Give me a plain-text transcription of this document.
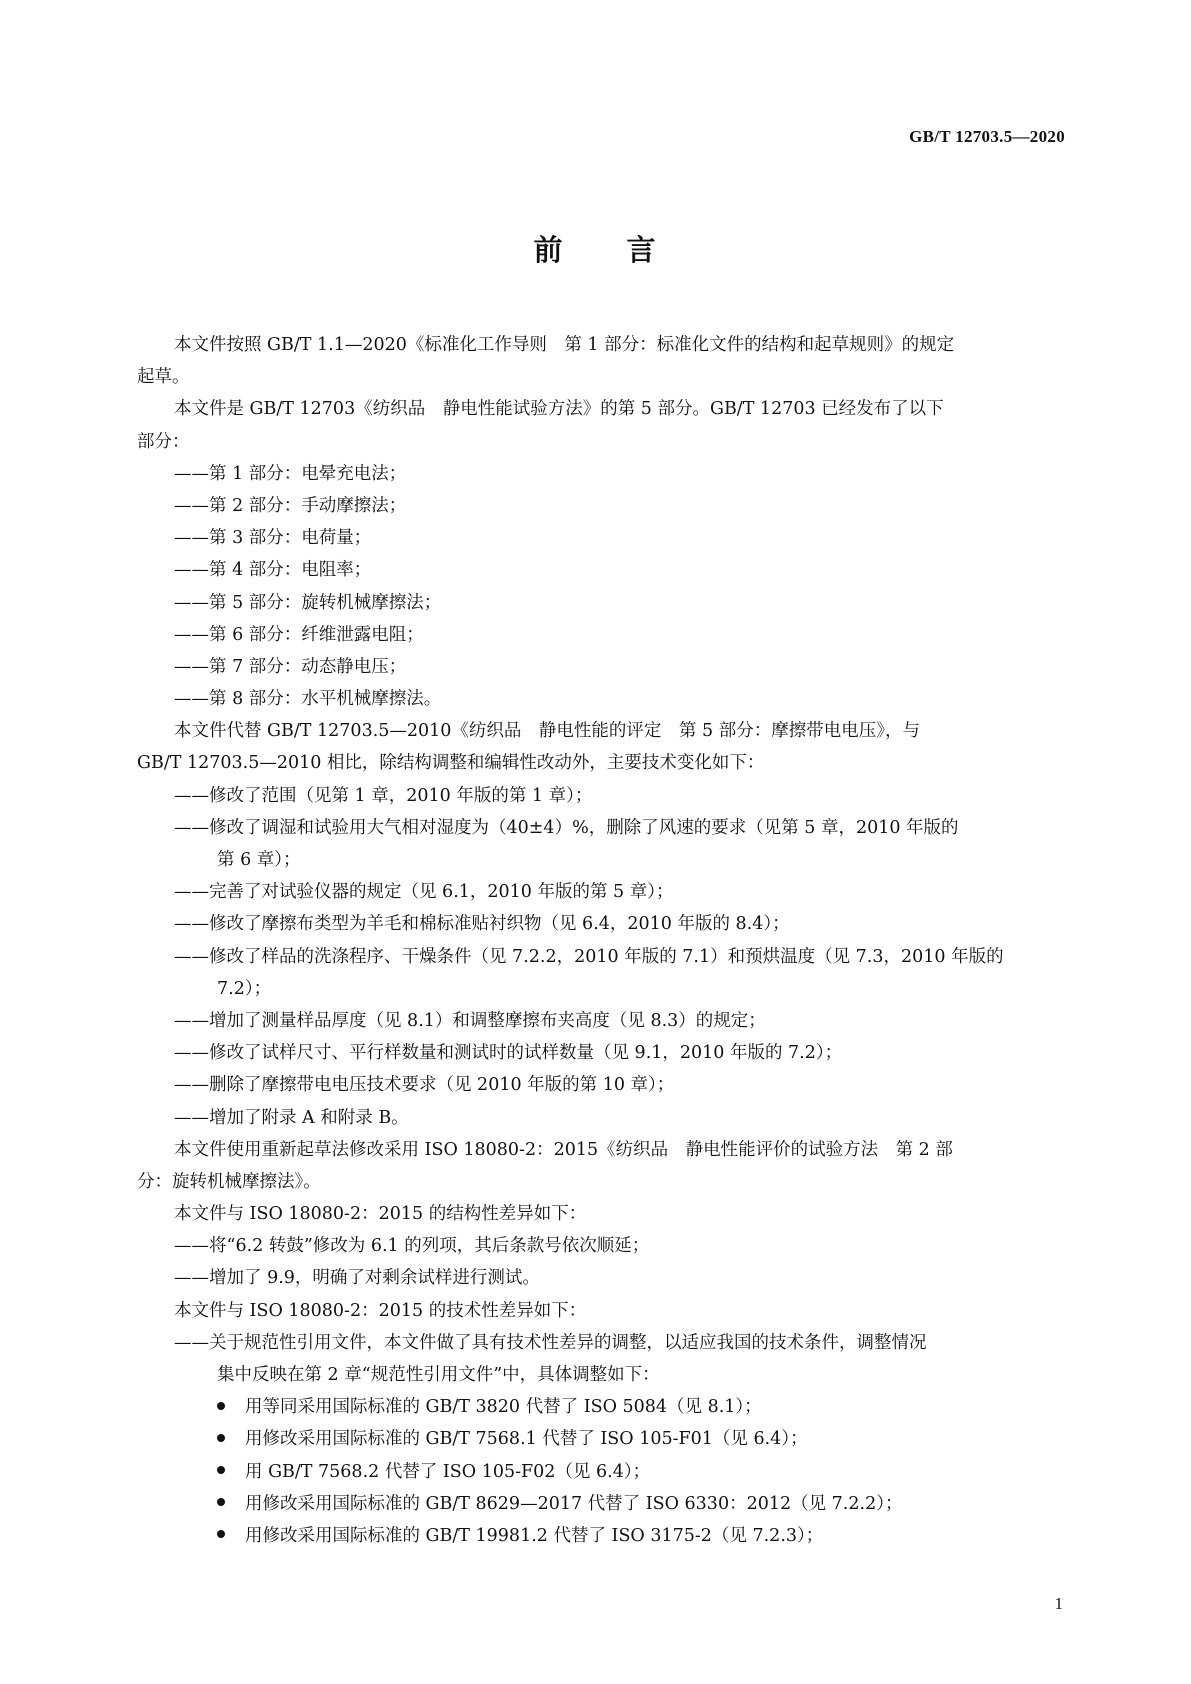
GB/T 12703.5—2020
前 言
本文件按照 GB/T 1.1—2020《标准化工作导则　第 1 部分：标准化文件的结构和起草规则》的规定
起草。
本文件是 GB/T 12703《纺织品　静电性能试验方法》的第 5 部分。GB/T 12703 已经发布了以下
部分：
——第 1 部分：电晕充电法；
——第 2 部分：手动摩擦法；
——第 3 部分：电荷量；
——第 4 部分：电阻率；
——第 5 部分：旋转机械摩擦法；
——第 6 部分：纤维泄露电阻；
——第 7 部分：动态静电压；
——第 8 部分：水平机械摩擦法。
本文件代替 GB/T 12703.5—2010《纺织品　静电性能的评定　第 5 部分：摩擦带电电压》，与
GB/T 12703.5—2010 相比，除结构调整和编辑性改动外，主要技术变化如下：
——修改了范围（见第 1 章，2010 年版的第 1 章）；
——修改了调湿和试验用大气相对湿度为（40±4）%，删除了风速的要求（见第 5 章，2010 年版的
第 6 章）；
——完善了对试验仪器的规定（见 6.1，2010 年版的第 5 章）；
——修改了摩擦布类型为羊毛和棉标准贴衬织物（见 6.4，2010 年版的 8.4）；
——修改了样品的洗涤程序、干燥条件（见 7.2.2，2010 年版的 7.1）和预烘温度（见 7.3，2010 年版的
7.2）；
——增加了测量样品厚度（见 8.1）和调整摩擦布夹高度（见 8.3）的规定；
——修改了试样尺寸、平行样数量和测试时的试样数量（见 9.1，2010 年版的 7.2）；
——删除了摩擦带电电压技术要求（见 2010 年版的第 10 章）；
——增加了附录 A 和附录 B。
本文件使用重新起草法修改采用 ISO 18080-2：2015《纺织品　静电性能评价的试验方法　第 2 部
分：旋转机械摩擦法》。
本文件与 ISO 18080-2：2015 的结构性差异如下：
——将“6.2 转鼓”修改为 6.1 的列项，其后条款号依次顺延；
——增加了 9.9，明确了对剩余试样进行测试。
本文件与 ISO 18080-2：2015 的技术性差异如下：
——关于规范性引用文件，本文件做了具有技术性差异的调整，以适应我国的技术条件，调整情况
集中反映在第 2 章“规范性引用文件”中，具体调整如下：
用等同采用国际标准的 GB/T 3820 代替了 ISO 5084（见 8.1）；
用修改采用国际标准的 GB/T 7568.1 代替了 ISO 105-F01（见 6.4）；
用 GB/T 7568.2 代替了 ISO 105-F02（见 6.4）；
用修改采用国际标准的 GB/T 8629—2017 代替了 ISO 6330：2012（见 7.2.2）；
用修改采用国际标准的 GB/T 19981.2 代替了 ISO 3175-2（见 7.2.3）；
1
